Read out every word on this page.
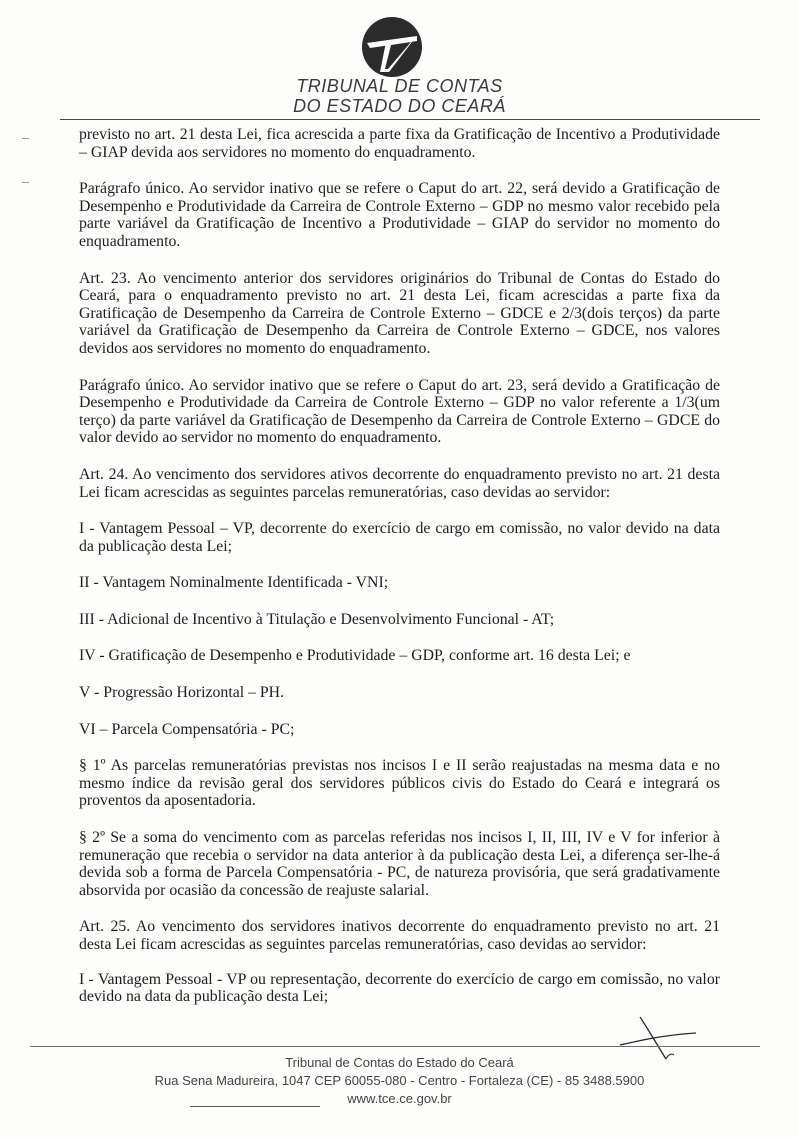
TRIBUNAL DE CONTAS
DO ESTADO DO CEARÁ

previsto no art. 21 desta Lei, fica acrescida a parte fixa da Gratificação de Incentivo a Produtividade – GIAP devida aos servidores no momento do enquadramento.

Parágrafo único. Ao servidor inativo que se refere o Caput do art. 22, será devido a Gratificação de Desempenho e Produtividade da Carreira de Controle Externo – GDP no mesmo valor recebido pela parte variável da Gratificação de Incentivo a Produtividade – GIAP do servidor no momento do enquadramento.

Art. 23. Ao vencimento anterior dos servidores originários do Tribunal de Contas do Estado do Ceará, para o enquadramento previsto no art. 21 desta Lei, ficam acrescidas a parte fixa da Gratificação de Desempenho da Carreira de Controle Externo – GDCE e 2/3(dois terços) da parte variável da Gratificação de Desempenho da Carreira de Controle Externo – GDCE, nos valores devidos aos servidores no momento do enquadramento.

Parágrafo único. Ao servidor inativo que se refere o Caput do art. 23, será devido a Gratificação de Desempenho e Produtividade da Carreira de Controle Externo – GDP no valor referente a 1/3(um terço) da parte variável da Gratificação de Desempenho da Carreira de Controle Externo – GDCE do valor devido ao servidor no momento do enquadramento.

Art. 24. Ao vencimento dos servidores ativos decorrente do enquadramento previsto no art. 21 desta Lei ficam acrescidas as seguintes parcelas remuneratórias, caso devidas ao servidor:

I - Vantagem Pessoal – VP, decorrente do exercício de cargo em comissão, no valor devido na data da publicação desta Lei;

II - Vantagem Nominalmente Identificada - VNI;

III - Adicional de Incentivo à Titulação e Desenvolvimento Funcional - AT;

IV - Gratificação de Desempenho e Produtividade – GDP, conforme art. 16 desta Lei; e

V - Progressão Horizontal – PH.

VI – Parcela Compensatória - PC;

§ 1º As parcelas remuneratórias previstas nos incisos I e II serão reajustadas na mesma data e no mesmo índice da revisão geral dos servidores públicos civis do Estado do Ceará e integrará os proventos da aposentadoria.

§ 2º Se a soma do vencimento com as parcelas referidas nos incisos I, II, III, IV e V for inferior à remuneração que recebia o servidor na data anterior à da publicação desta Lei, a diferença ser-lhe-á devida sob a forma de Parcela Compensatória - PC, de natureza provisória, que será gradativamente absorvida por ocasião da concessão de reajuste salarial.

Art. 25. Ao vencimento dos servidores inativos decorrente do enquadramento previsto no art. 21 desta Lei ficam acrescidas as seguintes parcelas remuneratórias, caso devidas ao servidor:

I - Vantagem Pessoal - VP ou representação, decorrente do exercício de cargo em comissão, no valor devido na data da publicação desta Lei;

Tribunal de Contas do Estado do Ceará
Rua Sena Madureira, 1047 CEP 60055-080 - Centro - Fortaleza (CE) - 85 3488.5900
www.tce.ce.gov.br
